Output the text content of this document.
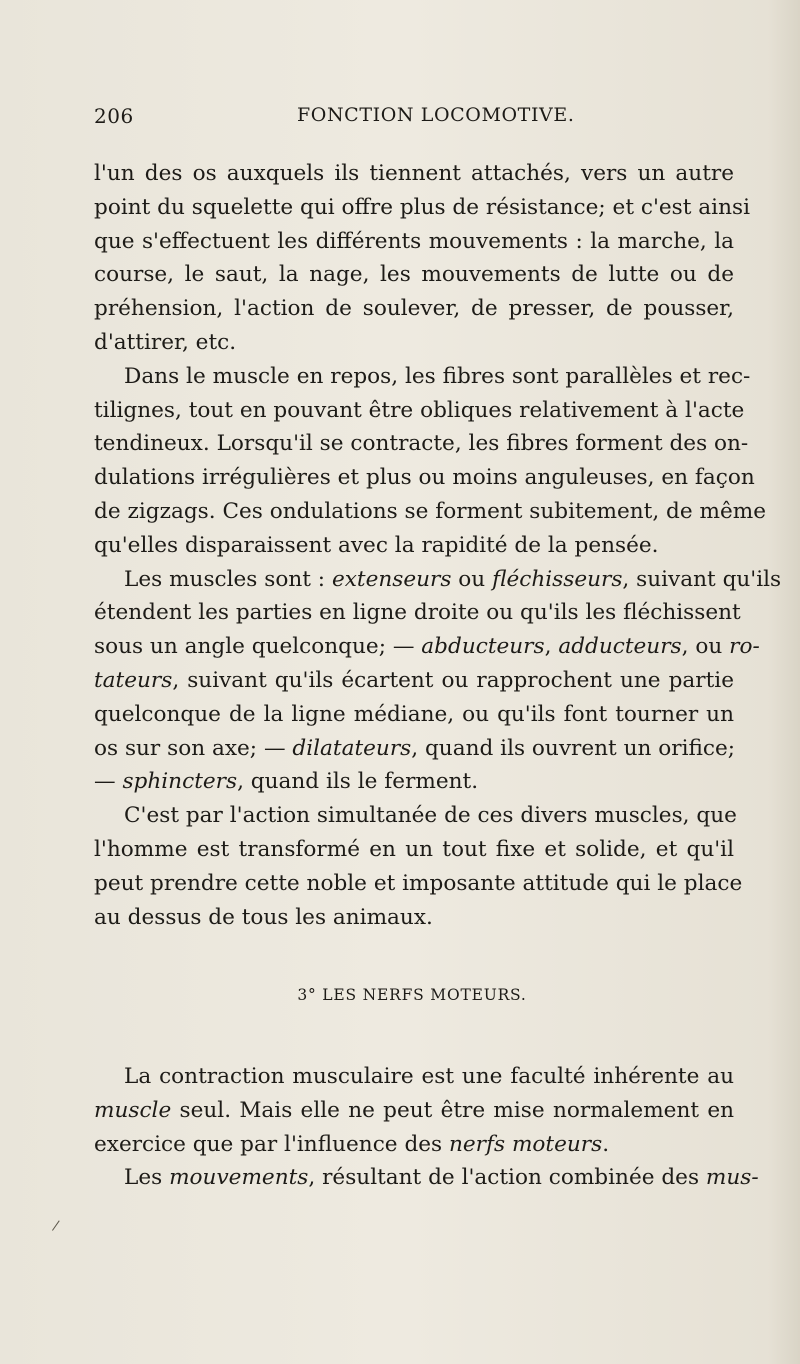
206	FONCTION LOCOMOTIVE.
l'un des os auxquels ils tiennent attachés, vers un autre
point du squelette qui offre plus de résistance; et c'est ainsi
que s'effectuent les différents mouvements : la marche, la
course, le saut, la nage, les mouvements de lutte ou de
préhension, l'action de soulever, de presser, de pousser,
d'attirer, etc.
Dans le muscle en repos, les fibres sont parallèles et rec-
tilignes, tout en pouvant être obliques relativement à l'acte
tendineux. Lorsqu'il se contracte, les fibres forment des on-
dulations irrégulières et plus ou moins anguleuses, en façon
de zigzags. Ces ondulations se forment subitement, de même
qu'elles disparaissent avec la rapidité de la pensée.
Les muscles sont : extenseurs ou fléchisseurs, suivant qu'ils
étendent les parties en ligne droite ou qu'ils les fléchissent
sous un angle quelconque; — abducteurs, adducteurs, ou ro-
tateurs, suivant qu'ils écartent ou rapprochent une partie
quelconque de la ligne médiane, ou qu'ils font tourner un
os sur son axe; — dilatateurs, quand ils ouvrent un orifice;
— sphincters, quand ils le ferment.
C'est par l'action simultanée de ces divers muscles, que
l'homme est transformé en un tout fixe et solide, et qu'il
peut prendre cette noble et imposante attitude qui le place
au dessus de tous les animaux.
3° LES NERFS MOTEURS.
La contraction musculaire est une faculté inhérente au
muscle seul. Mais elle ne peut être mise normalement en
exercice que par l'influence des nerfs moteurs.
Les mouvements, résultant de l'action combinée des mus-
